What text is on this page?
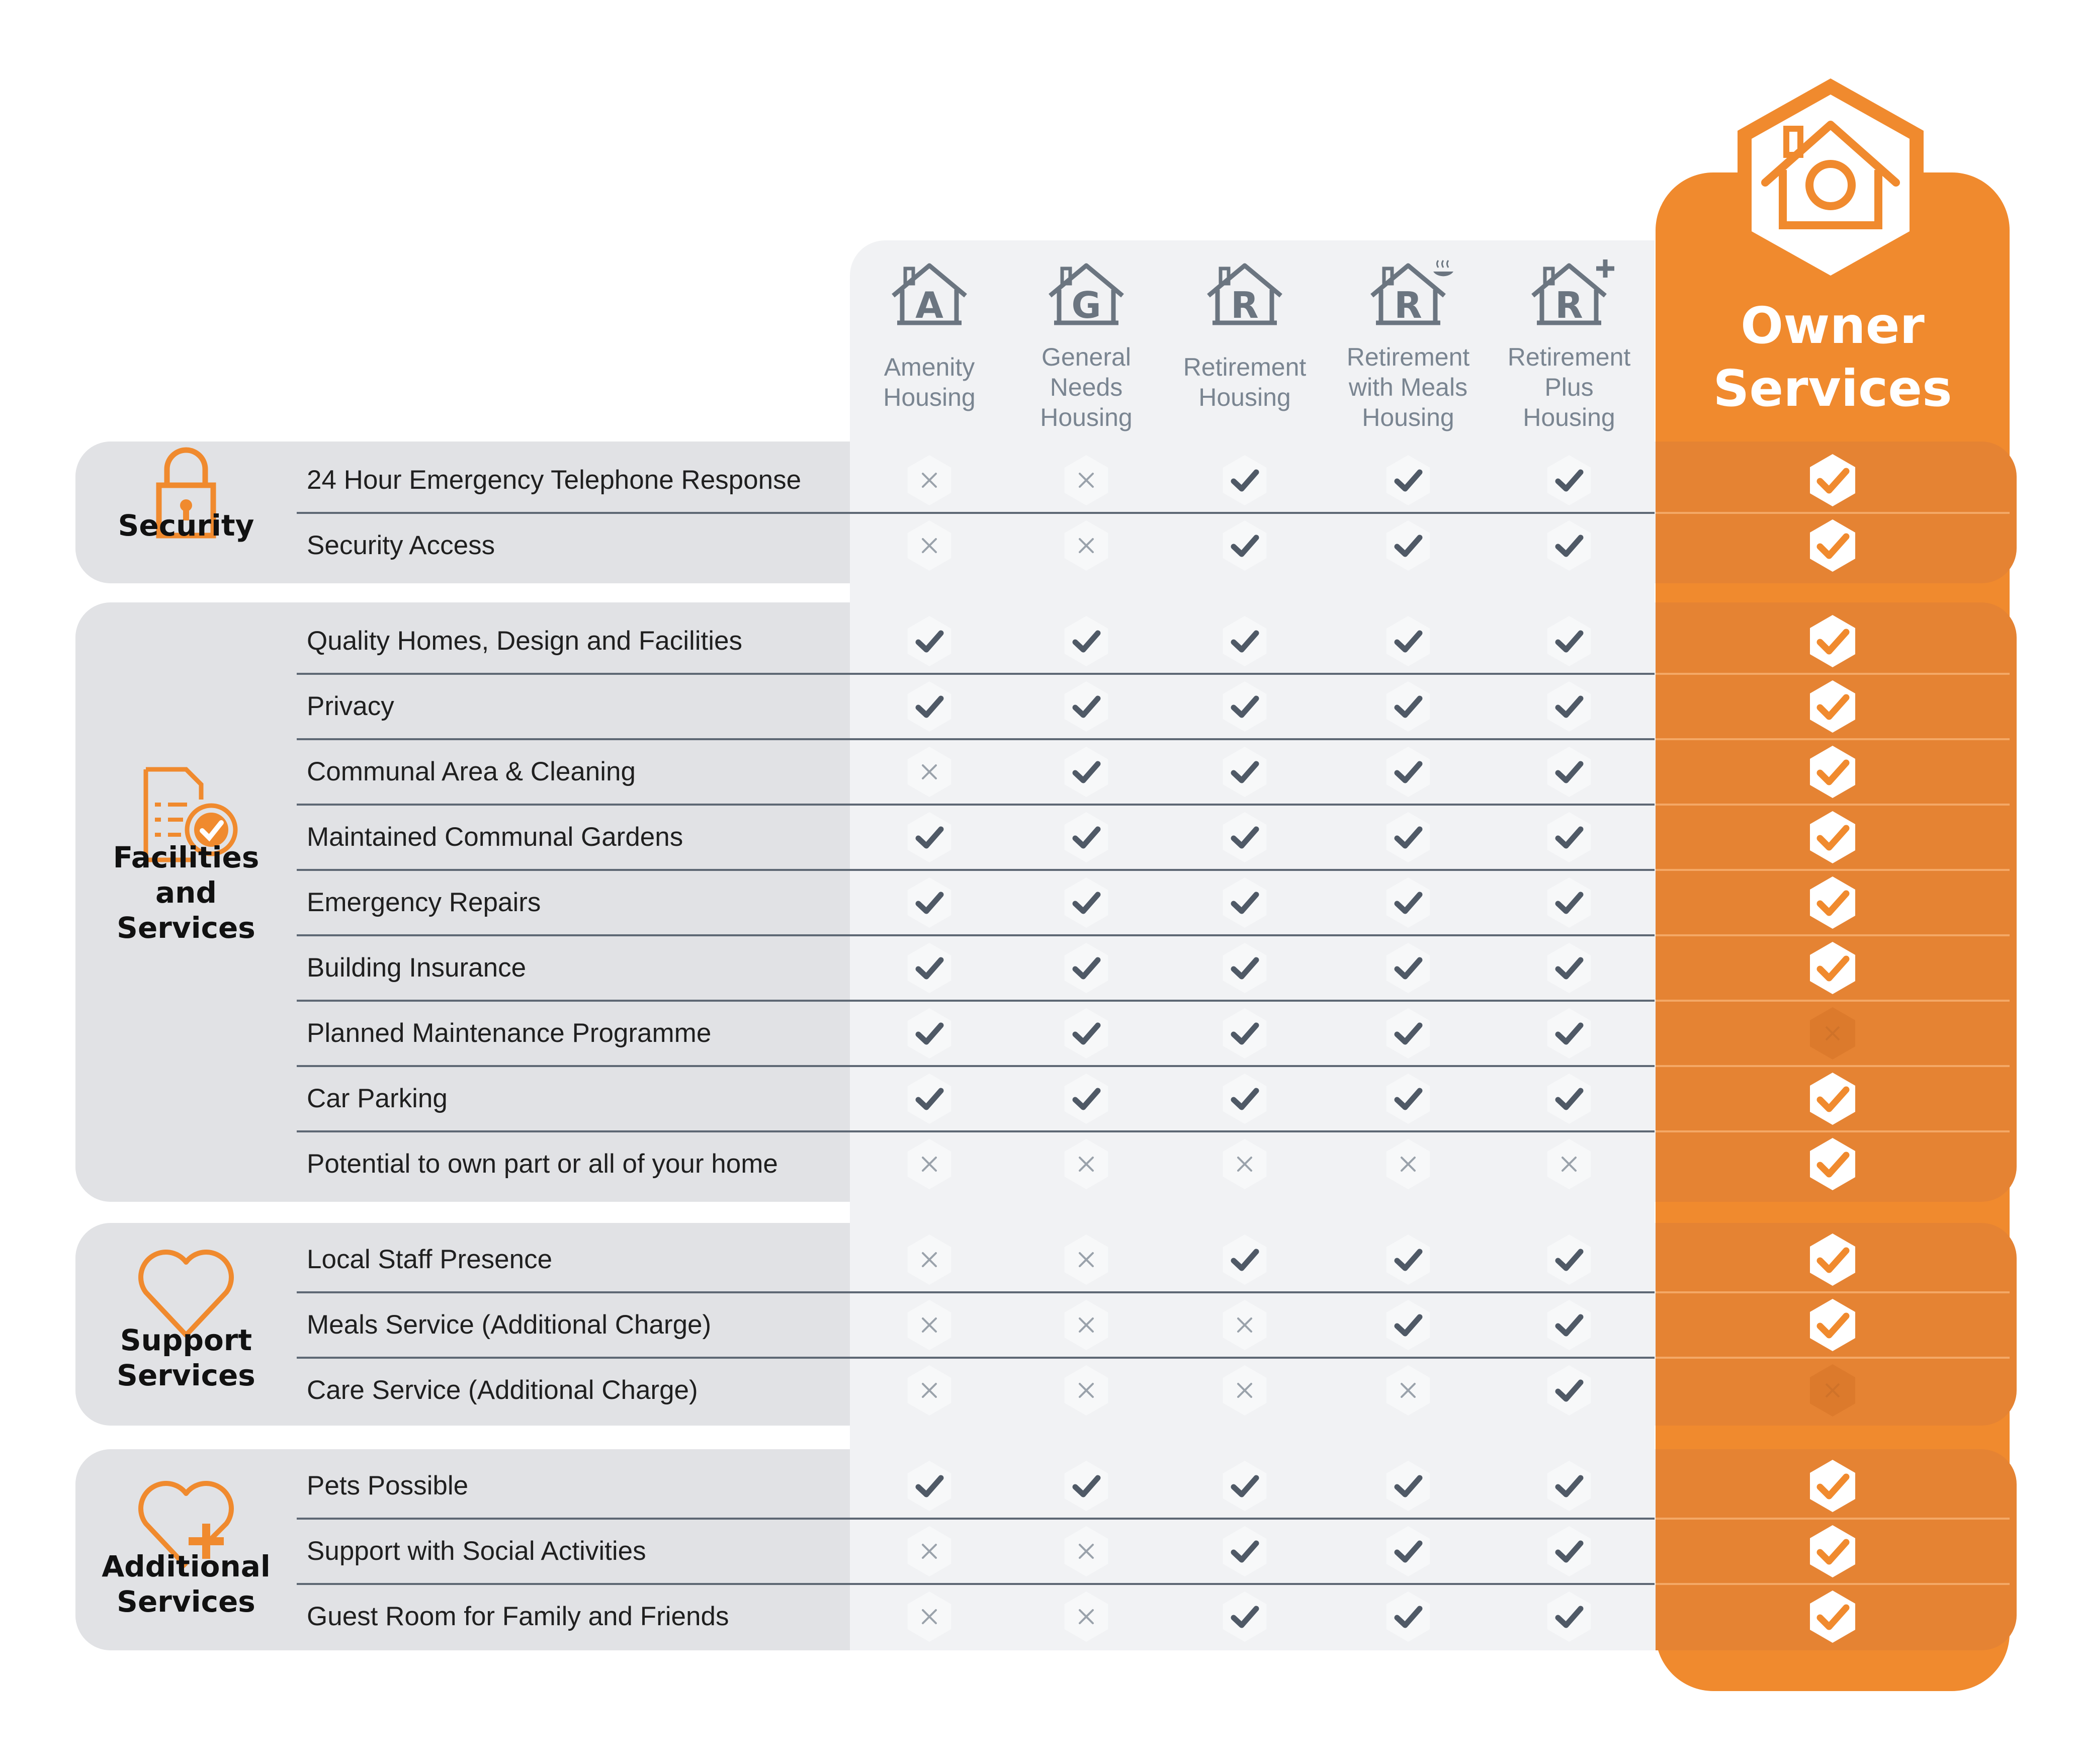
Owner
Services
A
Amenity
Housing
G
General
Needs
Housing
R
Retirement
Housing
R
Retirement
with Meals
Housing
R
Retirement
Plus
Housing
Security
24 Hour Emergency Telephone Response
Security Access
Facilities
and
Services
Quality Homes, Design and Facilities
Privacy
Communal Area & Cleaning
Maintained Communal Gardens
Emergency Repairs
Building Insurance
Planned Maintenance Programme
Car Parking
Potential to own part or all of your home
Support
Services
Local Staff Presence
Meals Service (Additional Charge)
Care Service (Additional Charge)
Additional
Services
Pets Possible
Support with Social Activities
Guest Room for Family and Friends
